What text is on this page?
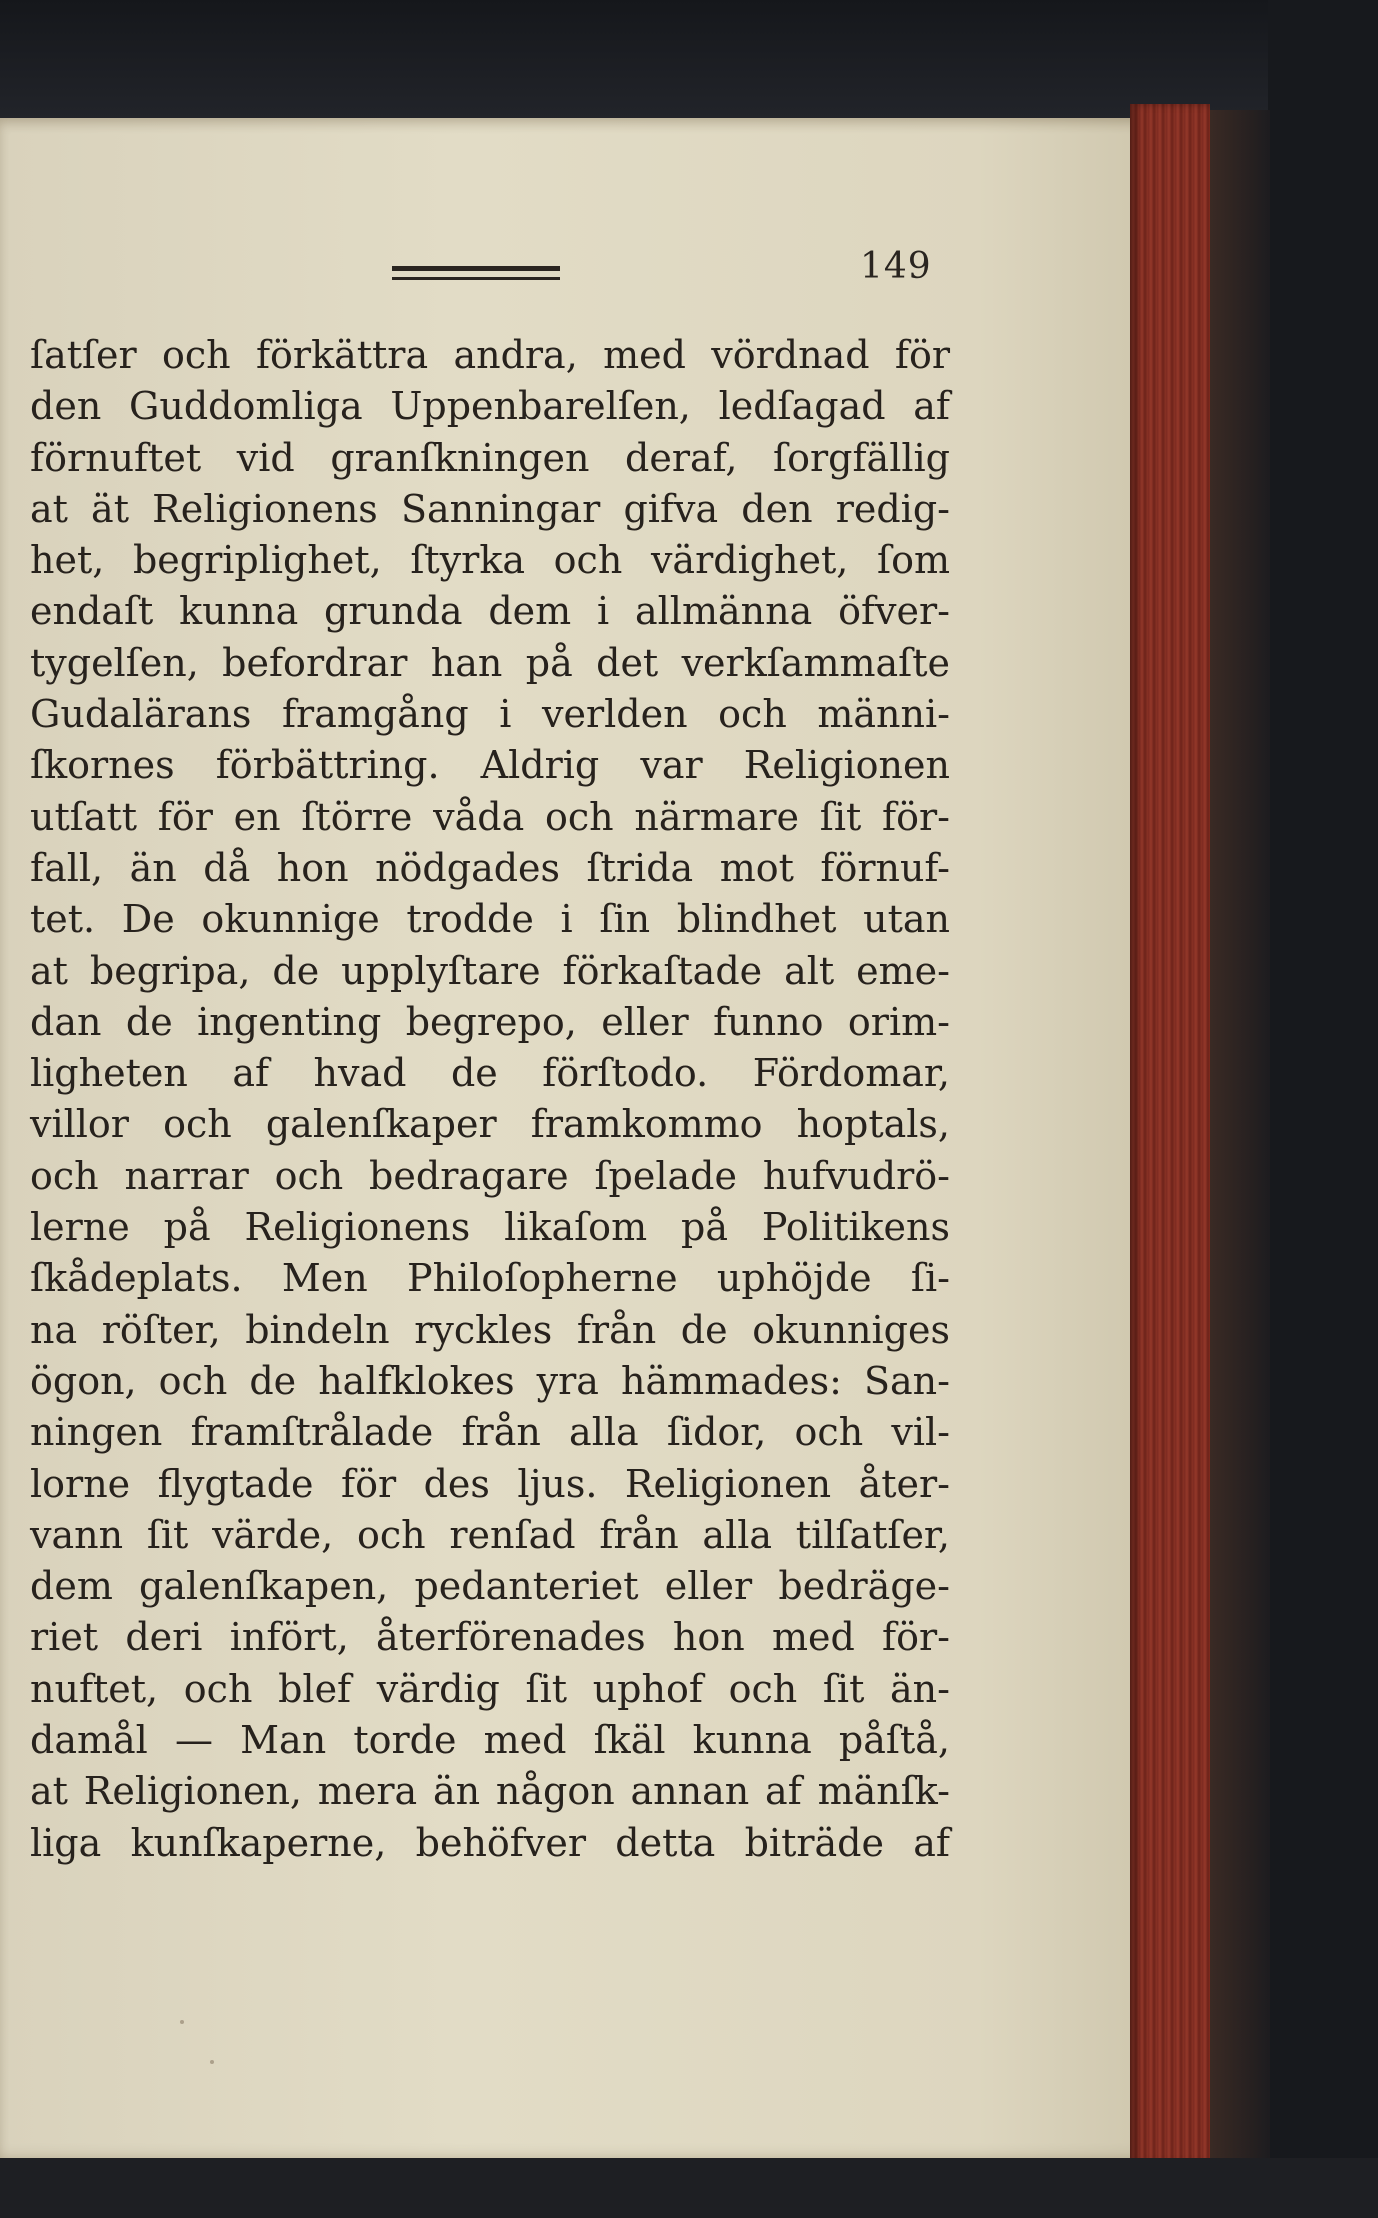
149
ſatſer och förkättra andra, med vördnad för
den Guddomliga Uppenbarelſen, ledſagad af
förnuftet vid granſkningen deraf, ſorgfällig
at ät Religionens Sanningar gifva den redig-
het, begriplighet, ſtyrka och värdighet, ſom
endaſt kunna grunda dem i allmänna öfver-
tygelſen, befordrar han på det verkſammaſte
Gudalärans framgång i verlden och männi-
ſkornes förbättring. Aldrig var Religionen
utſatt för en ſtörre våda och närmare ſit för-
fall, än då hon nödgades ſtrida mot förnuf-
tet. De okunnige trodde i ſin blindhet utan
at begripa, de upplyſtare förkaſtade alt eme-
dan de ingenting begrepo, eller funno orim-
ligheten af hvad de förſtodo. Fördomar,
villor och galenſkaper framkommo hoptals,
och narrar och bedragare ſpelade hufvudrö-
lerne på Religionens likaſom på Politikens
ſkådeplats. Men Philoſopherne uphöjde ſi-
na röſter, bindeln ryckles från de okunniges
ögon, och de halfklokes yra hämmades: San-
ningen framſtrålade från alla ſidor, och vil-
lorne flygtade för des ljus. Religionen åter-
vann ſit värde, och renſad från alla tilſatſer,
dem galenſkapen, pedanteriet eller bedrägе-
riet deri infört, återförenades hon med för-
nuftet, och blef värdig ſit uphof och ſit än-
damål — Man torde med ſkäl kunna påſtå,
at Religionen, mera än någon annan af mänſk-
liga kunſkaperne, behöfver detta biträde af
